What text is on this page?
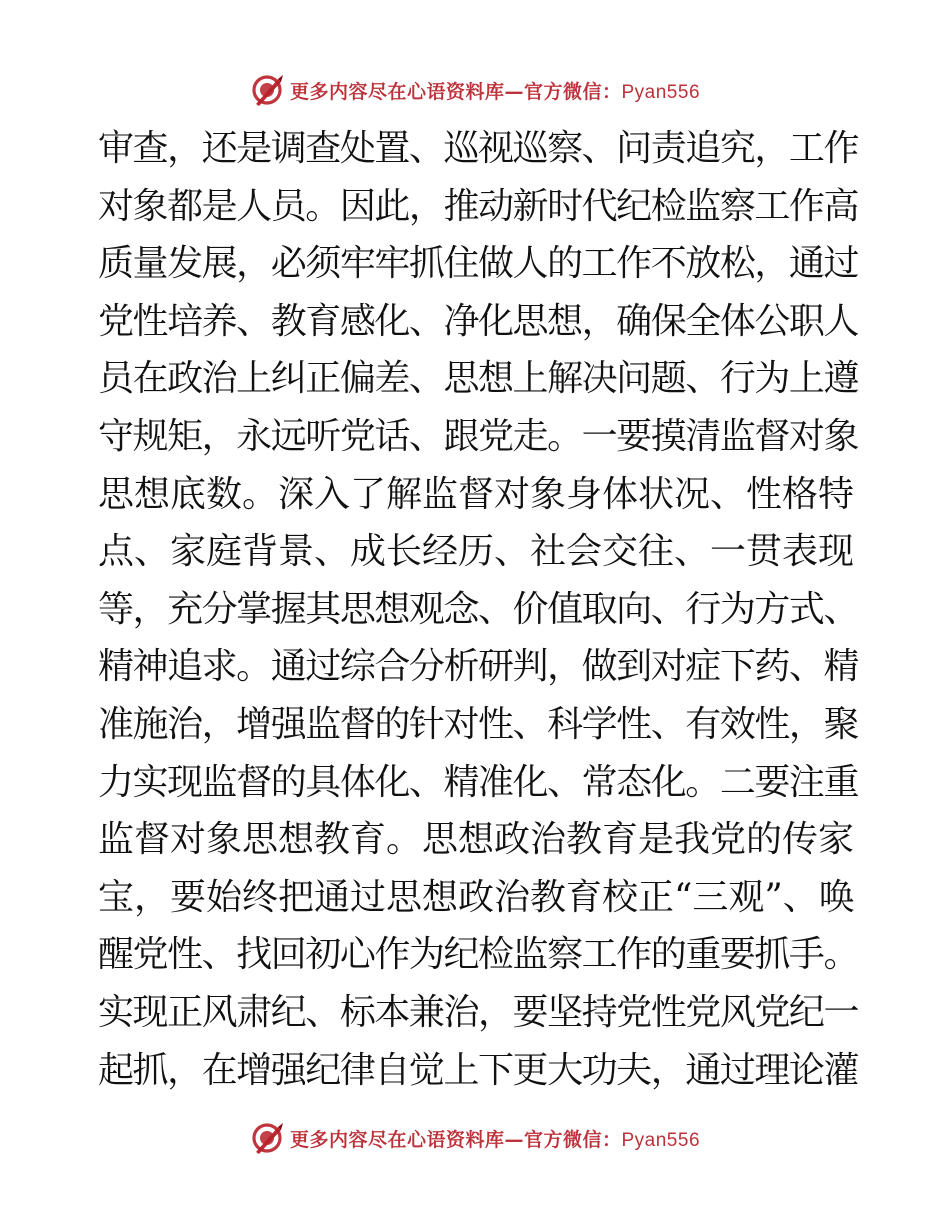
更多内容尽在心语资料库—官方微信：Pyan556
审查，还是调查处置、巡视巡察、问责追究，工作
对象都是人员。因此，推动新时代纪检监察工作高
质量发展，必须牢牢抓住做人的工作不放松，通过
党性培养、教育感化、净化思想，确保全体公职人
员在政治上纠正偏差、思想上解决问题、行为上遵
守规矩，永远听党话、跟党走。一要摸清监督对象
思想底数。深入了解监督对象身体状况、性格特
点、家庭背景、成长经历、社会交往、一贯表现
等，充分掌握其思想观念、价值取向、行为方式、
精神追求。通过综合分析研判，做到对症下药、精
准施治，增强监督的针对性、科学性、有效性，聚
力实现监督的具体化、精准化、常态化。二要注重
监督对象思想教育。思想政治教育是我党的传家
宝，要始终把通过思想政治教育校正“三观”、唤
醒党性、找回初心作为纪检监察工作的重要抓手。
实现正风肃纪、标本兼治，要坚持党性党风党纪一
起抓，在增强纪律自觉上下更大功夫，通过理论灌
更多内容尽在心语资料库—官方微信：Pyan556
